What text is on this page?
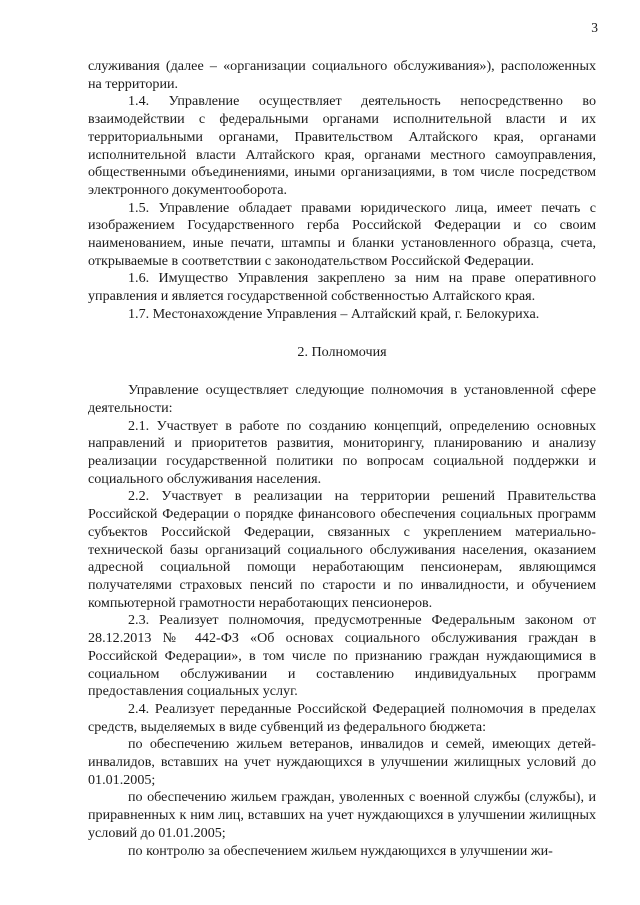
3

служивания (далее – «организации социального обслуживания»), расположенных на территории.

1.4. Управление осуществляет деятельность непосредственно во взаимодействии с федеральными органами исполнительной власти и их территориальными органами, Правительством Алтайского края, органами исполнительной власти Алтайского края, органами местного самоуправления, общественными объединениями, иными организациями, в том числе посредством электронного документооборота.

1.5. Управление обладает правами юридического лица, имеет печать с изображением Государственного герба Российской Федерации и со своим наименованием, иные печати, штампы и бланки установленного образца, счета, открываемые в соответствии с законодательством Российской Федерации.

1.6. Имущество Управления закреплено за ним на праве оперативного управления и является государственной собственностью Алтайского края.

1.7. Местонахождение Управления – Алтайский край, г. Белокуриха.

2. Полномочия

Управление осуществляет следующие полномочия в установленной сфере деятельности:

2.1. Участвует в работе по созданию концепций, определению основных направлений и приоритетов развития, мониторингу, планированию и анализу реализации государственной политики по вопросам социальной поддержки и социального обслуживания населения.

2.2. Участвует в реализации на территории решений Правительства Российской Федерации о порядке финансового обеспечения социальных программ субъектов Российской Федерации, связанных с укреплением материально-технической базы организаций социального обслуживания населения, оказанием адресной социальной помощи неработающим пенсионерам, являющимся получателями страховых пенсий по старости и по инвалидности, и обучением компьютерной грамотности неработающих пенсионеров.

2.3. Реализует полномочия, предусмотренные Федеральным законом от 28.12.2013 № 442-ФЗ «Об основах социального обслуживания граждан в Российской Федерации», в том числе по признанию граждан нуждающимися в социальном обслуживании и составлению индивидуальных программ предоставления социальных услуг.

2.4. Реализует переданные Российской Федерацией полномочия в пределах средств, выделяемых в виде субвенций из федерального бюджета:

по обеспечению жильем ветеранов, инвалидов и семей, имеющих детей-инвалидов, вставших на учет нуждающихся в улучшении жилищных условий до 01.01.2005;

по обеспечению жильем граждан, уволенных с военной службы (службы), и приравненных к ним лиц, вставших на учет нуждающихся в улучшении жилищных условий до 01.01.2005;

по контролю за обеспечением жильем нуждающихся в улучшении жи-
